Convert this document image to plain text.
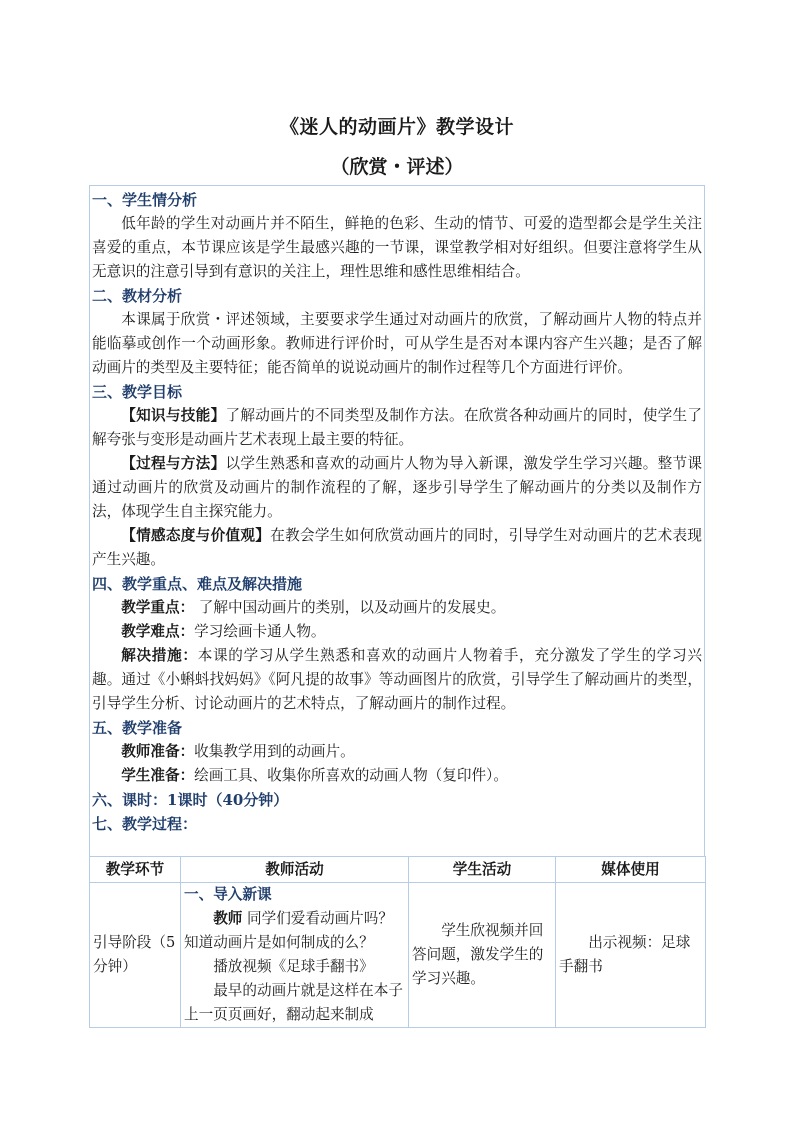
《迷人的动画片》教学设计
（欣赏・评述）
一、学生情分析

低年龄的学生对动画片并不陌生，鲜艳的色彩、生动的情节、可爱的造型都会是学生关注喜爱的重点，本节课应该是学生最感兴趣的一节课，课堂教学相对好组织。但要注意将学生从无意识的注意引导到有意识的关注上，理性思维和感性思维相结合。

二、教材分析

本课属于欣赏・评述领域，主要要求学生通过对动画片的欣赏，了解动画片人物的特点并能临摹或创作一个动画形象。教师进行评价时，可从学生是否对本课内容产生兴趣；是否了解动画片的类型及主要特征；能否简单的说说动画片的制作过程等几个方面进行评价。

三、教学目标

【知识与技能】了解动画片的不同类型及制作方法。在欣赏各种动画片的同时，使学生了解夸张与变形是动画片艺术表现上最主要的特征。

【过程与方法】以学生熟悉和喜欢的动画片人物为导入新课，激发学生学习兴趣。整节课通过动画片的欣赏及动画片的制作流程的了解，逐步引导学生了解动画片的分类以及制作方法，体现学生自主探究能力。

【情感态度与价值观】在教会学生如何欣赏动画片的同时，引导学生对动画片的艺术表现产生兴趣。

四、教学重点、难点及解决措施

教学重点： 了解中国动画片的类别，以及动画片的发展史。

教学难点：学习绘画卡通人物。

解决措施：本课的学习从学生熟悉和喜欢的动画片人物着手，充分激发了学生的学习兴趣。通过《小蝌蚪找妈妈》《阿凡提的故事》等动画图片的欣赏，引导学生了解动画片的类型，引导学生分析、讨论动画片的艺术特点，了解动画片的制作过程。

五、教学准备

教师准备：收集教学用到的动画片。

学生准备：绘画工具、收集你所喜欢的动画人物（复印件）。

六、课时：1课时（40分钟）
七、教学过程：
教学环节	教师活动	学生活动	媒体使用
引导阶段（5分钟）	一、导入新课
教师 同学们爱看动画片吗？知道动画片是如何制成的么？
播放视频《足球手翻书》
最早的动画片就是这样在本子上一页页画好，翻动起来制成	学生欣视频并回答问题，激发学生的学习兴趣。	出示视频：足球手翻书
